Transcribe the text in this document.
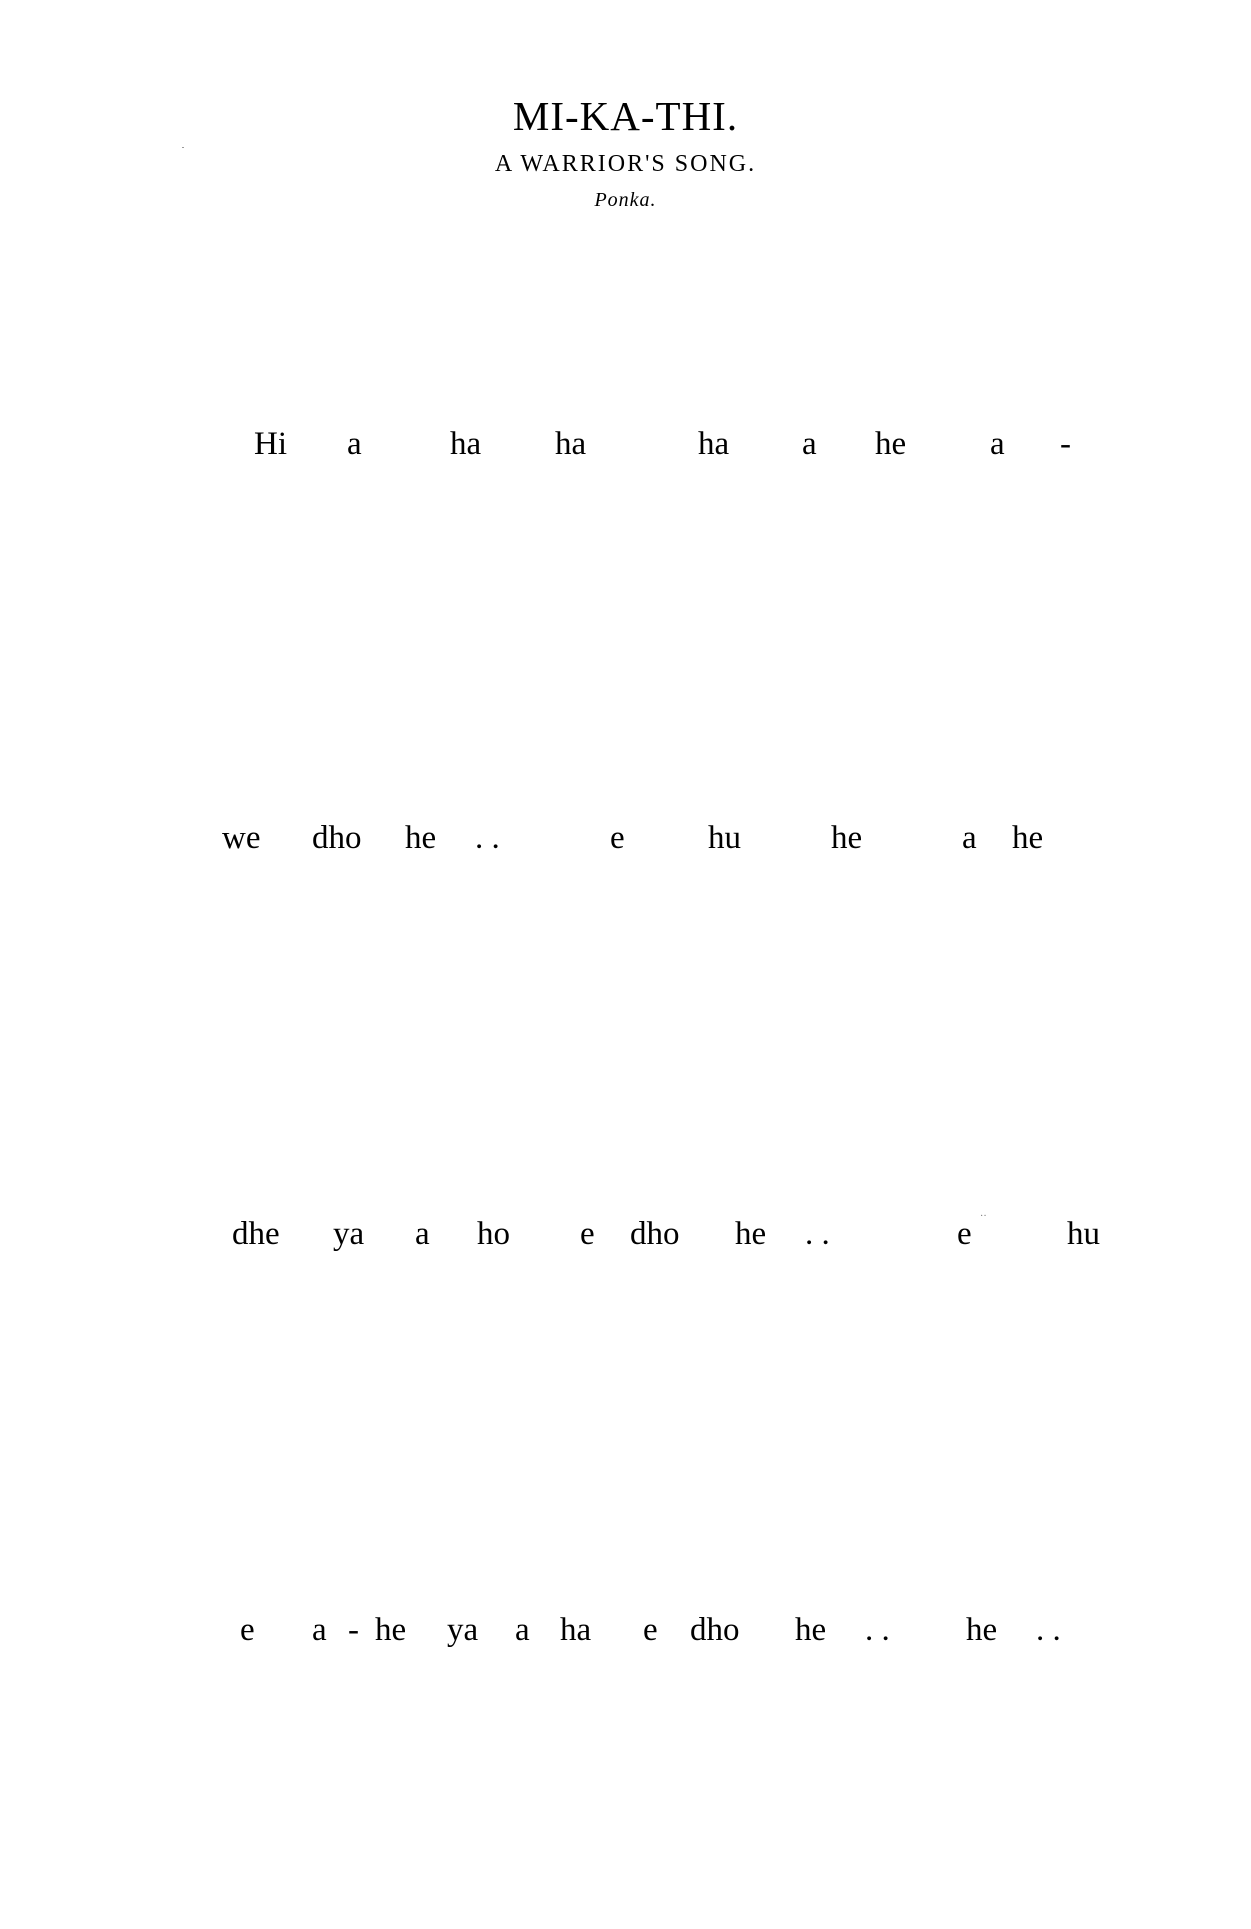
MI-KA-THI.
A WARRIOR'S SONG.
Ponka.
··
Hi a	ha ha	ha a he	a -
we dho he . .	e	hu	he	a he
dhe ya a ho e dho he . .	e	hu
e a - he ya a ha e dho he . . he . .
